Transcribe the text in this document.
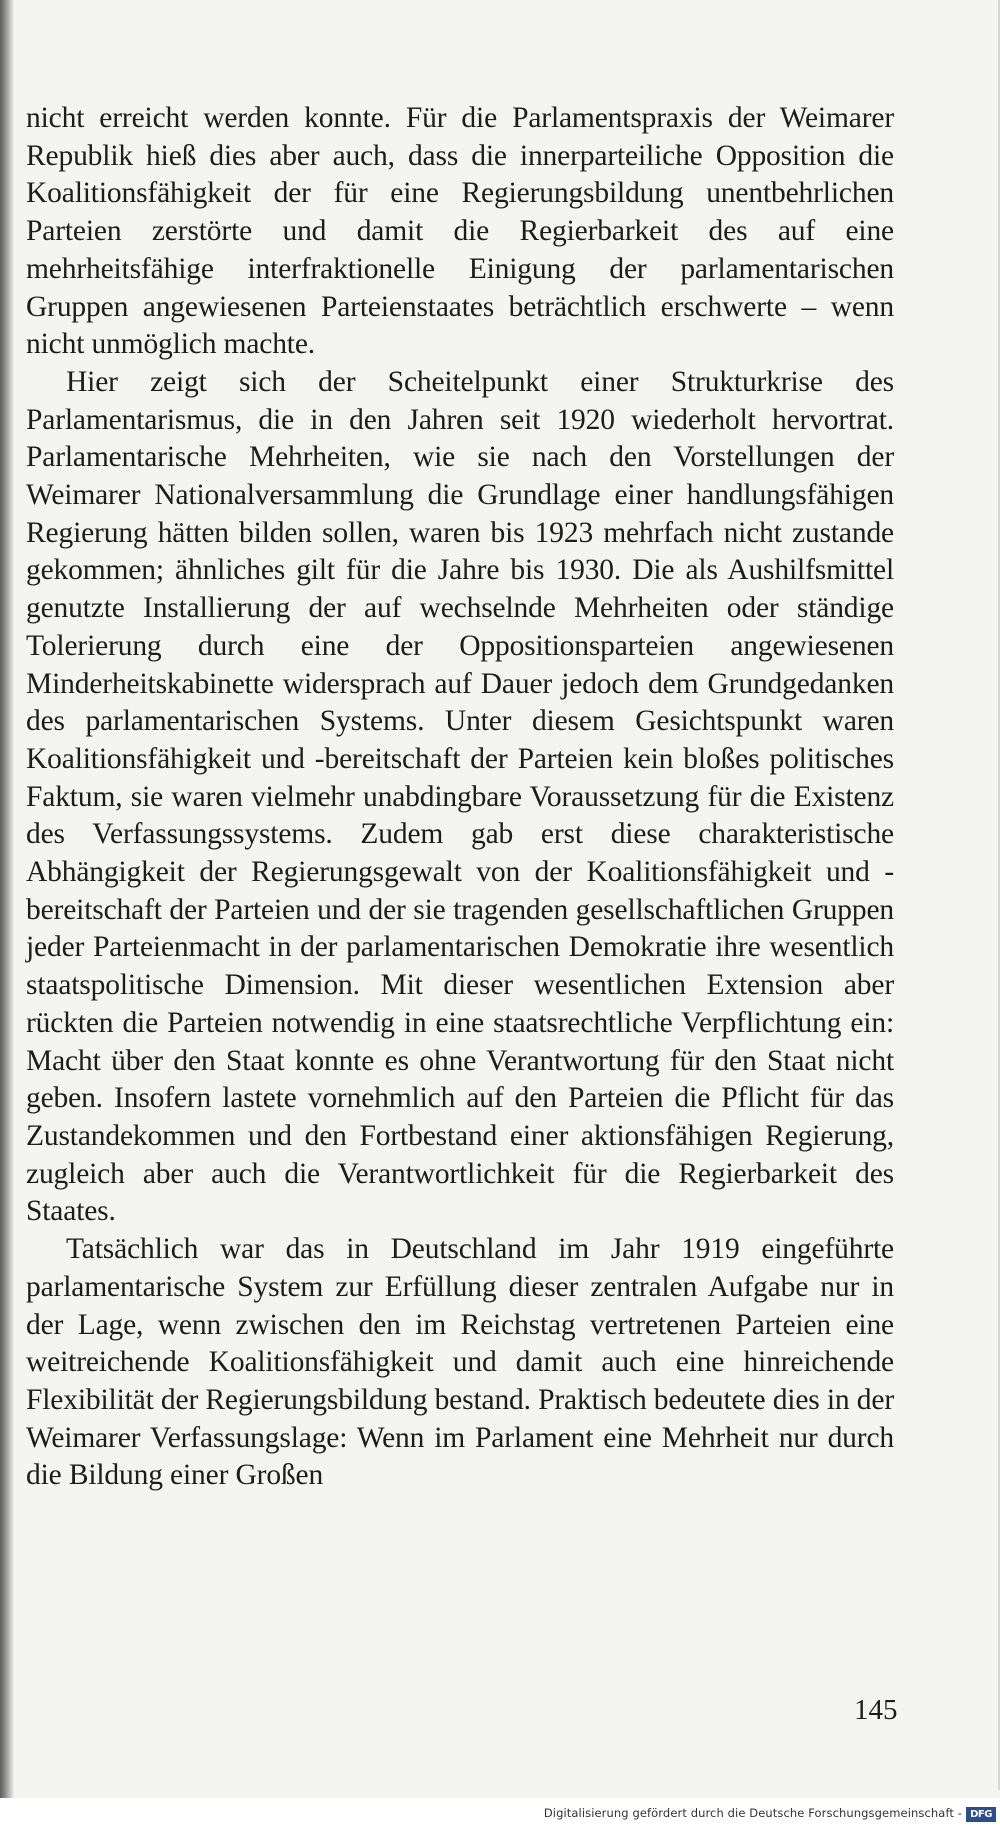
nicht erreicht werden konnte. Für die Parlamentspraxis der Weimarer Republik hieß dies aber auch, dass die innerparteiliche Opposition die Koalitionsfähigkeit der für eine Regierungsbildung unentbehrlichen Parteien zerstörte und damit die Regierbarkeit des auf eine mehrheitsfähige interfraktionelle Einigung der parlamentarischen Gruppen angewiesenen Parteienstaates beträchtlich erschwerte – wenn nicht unmöglich machte.

Hier zeigt sich der Scheitelpunkt einer Strukturkrise des Parlamentarismus, die in den Jahren seit 1920 wiederholt hervortrat. Parlamentarische Mehrheiten, wie sie nach den Vorstellungen der Weimarer Nationalversammlung die Grundlage einer handlungsfähigen Regierung hätten bilden sollen, waren bis 1923 mehrfach nicht zustande gekommen; ähnliches gilt für die Jahre bis 1930. Die als Aushilfsmittel genutzte Installierung der auf wechselnde Mehrheiten oder ständige Tolerierung durch eine der Oppositionsparteien angewiesenen Minderheitskabinette widersprach auf Dauer jedoch dem Grundgedanken des parlamentarischen Systems. Unter diesem Gesichtspunkt waren Koalitionsfähigkeit und -bereitschaft der Parteien kein bloßes politisches Faktum, sie waren vielmehr unabdingbare Voraussetzung für die Existenz des Verfassungssystems. Zudem gab erst diese charakteristische Abhängigkeit der Regierungsgewalt von der Koalitionsfähigkeit und -bereitschaft der Parteien und der sie tragenden gesellschaftlichen Gruppen jeder Parteienmacht in der parlamentarischen Demokratie ihre wesentlich staatspolitische Dimension. Mit dieser wesentlichen Extension aber rückten die Parteien notwendig in eine staatsrechtliche Verpflichtung ein: Macht über den Staat konnte es ohne Verantwortung für den Staat nicht geben. Insofern lastete vornehmlich auf den Parteien die Pflicht für das Zustandekommen und den Fortbestand einer aktionsfähigen Regierung, zugleich aber auch die Verantwortlichkeit für die Regierbarkeit des Staates.

Tatsächlich war das in Deutschland im Jahr 1919 eingeführte parlamentarische System zur Erfüllung dieser zentralen Aufgabe nur in der Lage, wenn zwischen den im Reichstag vertretenen Parteien eine weitreichende Koalitionsfähigkeit und damit auch eine hinreichende Flexibilität der Regierungsbildung bestand. Praktisch bedeutete dies in der Weimarer Verfassungslage: Wenn im Parlament eine Mehrheit nur durch die Bildung einer Großen

145
Digitalisierung gefördert durch die Deutsche Forschungsgemeinschaft - DFG
